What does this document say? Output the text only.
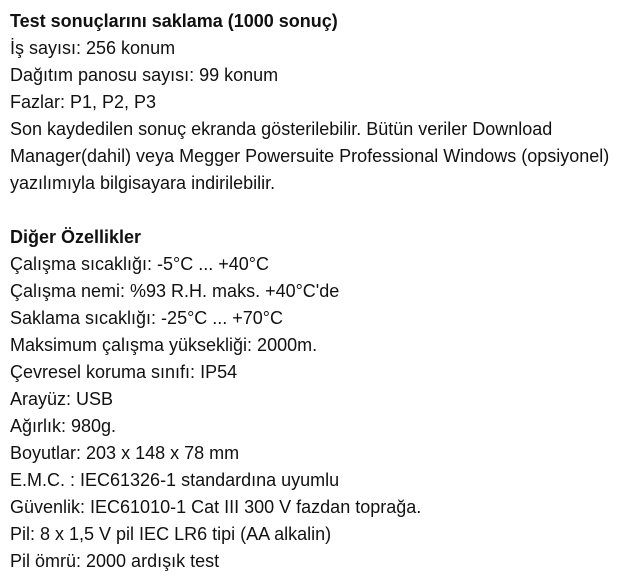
Test sonuçlarını saklama (1000 sonuç)

İş sayısı: 256 konum

Dağıtım panosu sayısı: 99 konum

Fazlar: P1, P2, P3

Son kaydedilen sonuç ekranda gösterilebilir. Bütün veriler Download Manager(dahil) veya Megger Powersuite Professional Windows (opsiyonel) yazılımıyla bilgisayara indirilebilir.

Diğer Özellikler

Çalışma sıcaklığı: -5°C ... +40°C

Çalışma nemi: %93 R.H. maks. +40°C'de

Saklama sıcaklığı: -25°C ... +70°C

Maksimum çalışma yüksekliği: 2000m.

Çevresel koruma sınıfı: IP54

Arayüz: USB

Ağırlık: 980g.

Boyutlar: 203 x 148 x 78 mm

E.M.C. : IEC61326-1 standardına uyumlu

Güvenlik: IEC61010-1 Cat III 300 V fazdan toprağa.

Pil: 8 x 1,5 V pil IEC LR6 tipi (AA alkalin)

Pil ömrü: 2000 ardışık test
